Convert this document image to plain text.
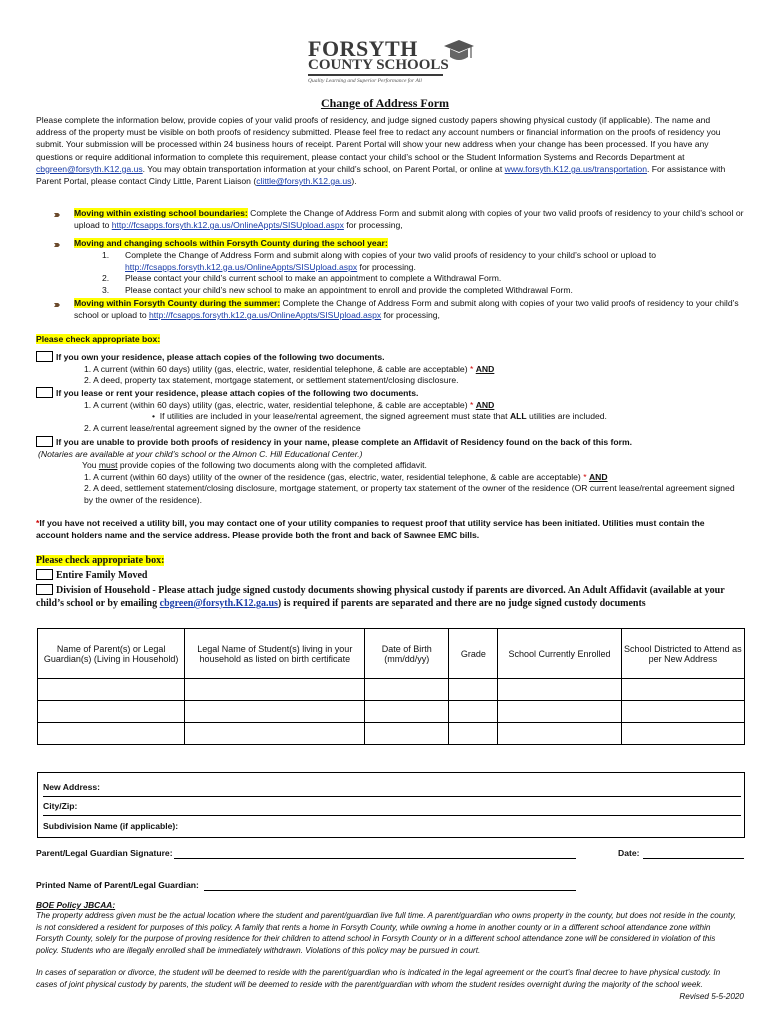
FORSYTH
COUNTY SCHOOLS
Quality Learning and Superior Performance for All
Change of Address Form

Please complete the information below, provide copies of your valid proofs of residency, and judge signed custody papers showing physical custody (if applicable). The name and address of the property must be visible on both proofs of residency submitted. Please feel free to redact any account numbers or financial information on the proofs of residency you submit. Your submission will be processed within 24 business hours of receipt. Parent Portal will show your new address when your change has been processed. If you have any questions or require additional information to complete this requirement, please contact your child’s school or the Student Information Systems and Records Department at cbgreen@forsyth.K12.ga.us. You may obtain transportation information at your child’s school, on Parent Portal, or online at www.forsyth.K12.ga.us/transportation. For assistance with Parent Portal, please contact Cindy Little, Parent Liaison (clittle@forsyth.K12.ga.us).

Moving within existing school boundaries: Complete the Change of Address Form and submit along with copies of your two valid proofs of residency to your child’s school or upload to http://fcsapps.forsyth.k12.ga.us/OnlineAppts/SISUpload.aspx for processing,

Moving and changing schools within Forsyth County during the school year:

1. Complete the Change of Address Form and submit along with copies of your two valid proofs of residency to your child’s school or upload to http://fcsapps.forsyth.k12.ga.us/OnlineAppts/SISUpload.aspx for processing.
2. Please contact your child’s current school to make an appointment to complete a Withdrawal Form.
3. Please contact your child’s new school to make an appointment to enroll and provide the completed Withdrawal Form.

Moving within Forsyth County during the summer: Complete the Change of Address Form and submit along with copies of your two valid proofs of residency to your child’s school or upload to http://fcsapps.forsyth.k12.ga.us/OnlineAppts/SISUpload.aspx for processing,

Please check appropriate box:
If you own your residence, please attach copies of the following two documents.
1. A current (within 60 days) utility (gas, electric, water, residential telephone, & cable are acceptable) * AND
2. A deed, property tax statement, mortgage statement, or settlement statement/closing disclosure.
If you lease or rent your residence, please attach copies of the following two documents.
1. A current (within 60 days) utility (gas, electric, water, residential telephone, & cable are acceptable) * AND
•  If utilities are included in your lease/rental agreement, the signed agreement must state that ALL utilities are included.
2. A current lease/rental agreement signed by the owner of the residence
If you are unable to provide both proofs of residency in your name, please complete an Affidavit of Residency found on the back of this form.
(Notaries are available at your child’s school or the Almon C. Hill Educational Center.)
You must provide copies of the following two documents along with the completed affidavit.
1. A current (within 60 days) utility of the owner of the residence (gas, electric, water, residential telephone, & cable are acceptable) * AND
2. A deed, settlement statement/closing disclosure, mortgage statement, or property tax statement of the owner of the residence (OR current lease/rental agreement signed by the owner of the residence).

*If you have not received a utility bill, you may contact one of your utility companies to request proof that utility service has been initiated. Utilities must contain the account holders name and the service address. Please provide both the front and back of Sawnee EMC bills.

Please check appropriate box:
Entire Family Moved

Division of Household - Please attach judge signed custody documents showing physical custody if parents are divorced. An Adult Affidavit (available at your child’s school or by emailing cbgreen@forsyth.K12.ga.us) is required if parents are separated and there are no judge signed custody documents

Name of Parent(s) or Legal Guardian(s) (Living in Household)	Legal Name of Student(s) living in your household as listed on birth certificate	Date of Birth (mm/dd/yy)	Grade	School Currently Enrolled	School Districted to Attend as per New Address

New Address:
City/Zip:
Subdivision Name (if applicable):
Parent/Legal Guardian Signature:	Date:
Printed Name of Parent/Legal Guardian:
BOE Policy JBCAA:

The property address given must be the actual location where the student and parent/guardian live full time. A parent/guardian who owns property in the county, but does not reside in the county, is not considered a resident for purposes of this policy. A family that rents a home in Forsyth County, while owning a home in another county or in a different school attendance zone within Forsyth County, solely for the purpose of proving residence for their children to attend school in Forsyth County or in a different school attendance zone will be considered in violation of this policy. Students who are illegally enrolled shall be immediately withdrawn. Violations of this policy may be pursued in court.

In cases of separation or divorce, the student will be deemed to reside with the parent/guardian who is indicated in the legal agreement or the court’s final decree to have physical custody. In cases of joint physical custody by parents, the student will be deemed to reside with the parent/guardian with whom the student resides overnight during the majority of the school week.

Revised 5-5-2020
